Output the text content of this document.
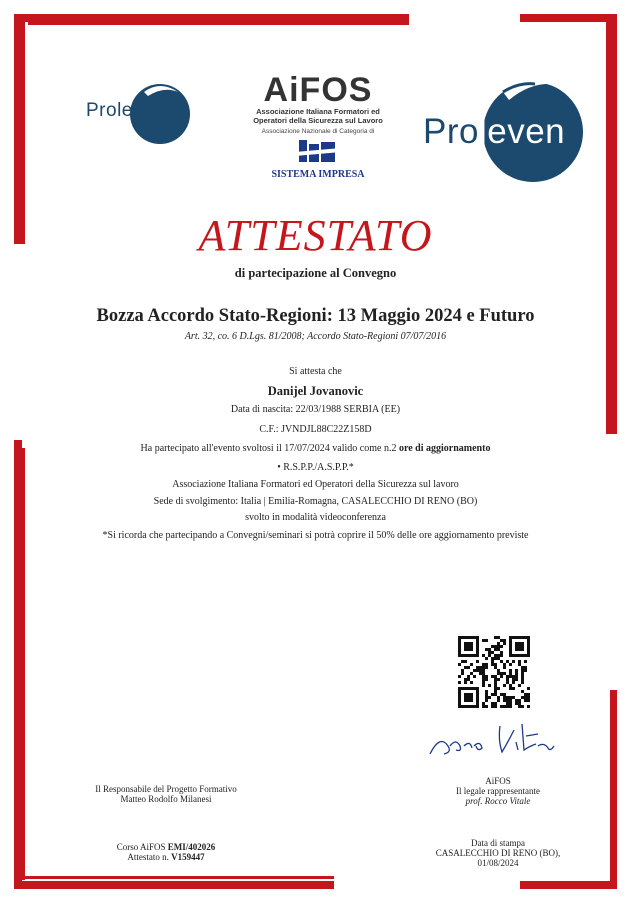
Proleven
AiFOS
Associazione Italiana Formatori ed
Operatori della Sicurezza sul Lavoro
Associazione Nazionale di Categoria di
SISTEMA IMPRESA
Proleven
ATTESTATO
di partecipazione al Convegno
Bozza Accordo Stato-Regioni: 13 Maggio 2024 e Futuro
Art. 32, co. 6 D.Lgs. 81/2008; Accordo Stato-Regioni 07/07/2016
Si attesta che
Danijel Jovanovic
Data di nascita: 22/03/1988 SERBIA (EE)
C.F.: JVNDJL88C22Z158D
Ha partecipato all'evento svoltosi il 17/07/2024 valido come n.2 ore di aggiornamento
• R.S.P.P./A.S.P.P.*
Associazione Italiana Formatori ed Operatori della Sicurezza sul lavoro
Sede di svolgimento: Italia | Emilia-Romagna, CASALECCHIO DI RENO (BO)
svolto in modalità videoconferenza
*Si ricorda che partecipando a Convegni/seminari si potrà coprire il 50% delle ore aggiornamento previste
Il Responsabile del Progetto Formativo
Matteo Rodolfo Milanesi
Corso AiFOS EMI/402026
Attestato n. V159447
AiFOS
Il legale rappresentante
prof. Rocco Vitale
Data di stampa
CASALECCHIO DI RENO (BO),
01/08/2024
